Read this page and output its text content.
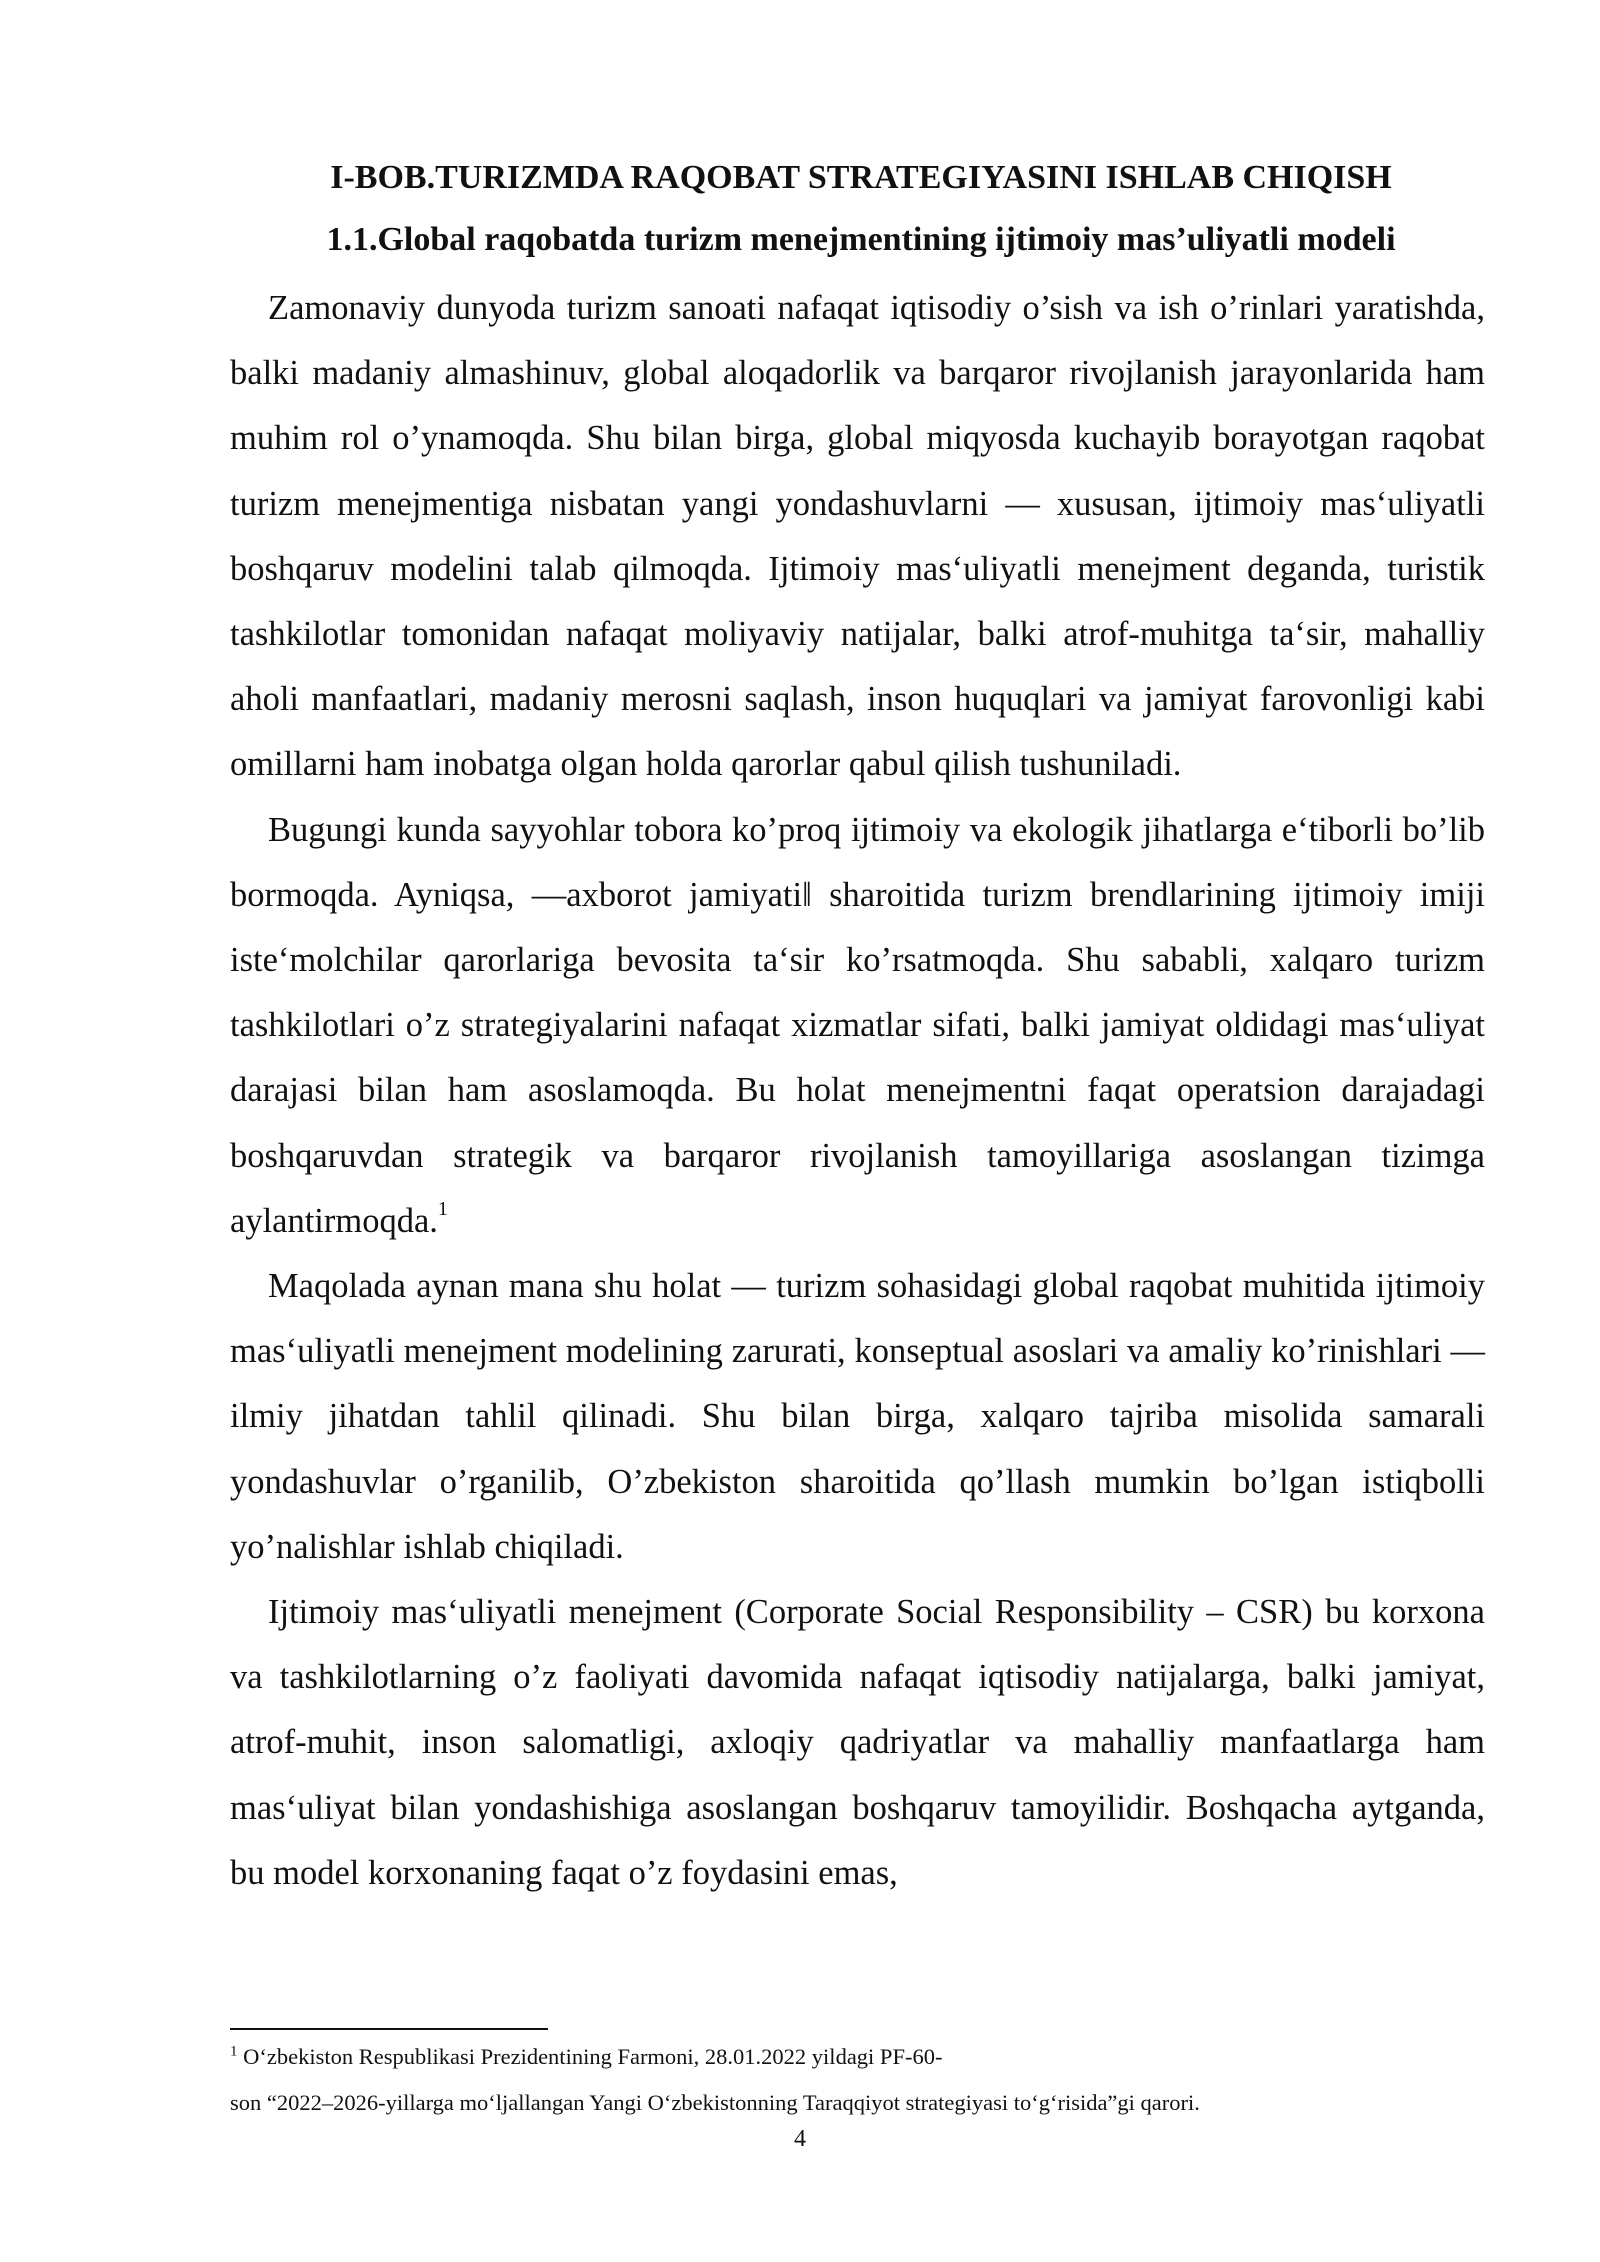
I-BOB.TURIZMDA RAQOBAT STRATEGIYASINI ISHLAB CHIQISH
1.1.Global raqobatda turizm menejmentining ijtimoiy mas’uliyatli modeli

Zamonaviy dunyoda turizm sanoati nafaqat iqtisodiy o’sish va ish o’rinlari yaratishda, balki madaniy almashinuv, global aloqadorlik va barqaror rivojlanish jarayonlarida ham muhim rol o’ynamoqda. Shu bilan birga, global miqyosda kuchayib borayotgan raqobat turizm menejmentiga nisbatan yangi yondashuvlarni — xususan, ijtimoiy mas‘uliyatli boshqaruv modelini talab qilmoqda. Ijtimoiy mas‘uliyatli menejment deganda, turistik tashkilotlar tomonidan nafaqat moliyaviy natijalar, balki atrof-muhitga ta‘sir, mahalliy aholi manfaatlari, madaniy merosni saqlash, inson huquqlari va jamiyat farovonligi kabi omillarni ham inobatga olgan holda qarorlar qabul qilish tushuniladi.

Bugungi kunda sayyohlar tobora ko’proq ijtimoiy va ekologik jihatlarga e‘tiborli bo’lib bormoqda. Ayniqsa, ―axborot jamiyati‖ sharoitida turizm brendlarining ijtimoiy imiji iste‘molchilar qarorlariga bevosita ta‘sir ko’rsatmoqda. Shu sababli, xalqaro turizm tashkilotlari o’z strategiyalarini nafaqat xizmatlar sifati, balki jamiyat oldidagi mas‘uliyat darajasi bilan ham asoslamoqda. Bu holat menejmentni faqat operatsion darajadagi boshqaruvdan strategik va barqaror rivojlanish tamoyillariga asoslangan tizimga aylantirmoqda.$^1$

Maqolada aynan mana shu holat — turizm sohasidagi global raqobat muhitida ijtimoiy mas‘uliyatli menejment modelining zarurati, konseptual asoslari va amaliy ko’rinishlari — ilmiy jihatdan tahlil qilinadi. Shu bilan birga, xalqaro tajriba misolida samarali yondashuvlar o’rganilib, O’zbekiston sharoitida qo’llash mumkin bo’lgan istiqbolli yo’nalishlar ishlab chiqiladi.

Ijtimoiy mas‘uliyatli menejment (Corporate Social Responsibility – CSR) bu korxona va tashkilotlarning o’z faoliyati davomida nafaqat iqtisodiy natijalarga, balki jamiyat, atrof-muhit, inson salomatligi, axloqiy qadriyatlar va mahalliy manfaatlarga ham mas‘uliyat bilan yondashishiga asoslangan boshqaruv tamoyilidir. Boshqacha aytganda, bu model korxonaning faqat o’z foydasini emas,

$^1$ O‘zbekiston Respublikasi Prezidentining Farmoni, 28.01.2022 yildagi PF-60-
son “2022–2026-yillarga mo‘ljallangan Yangi O‘zbekistonning Taraqqiyot strategiyasi to‘g‘risida”gi qarori.
4
